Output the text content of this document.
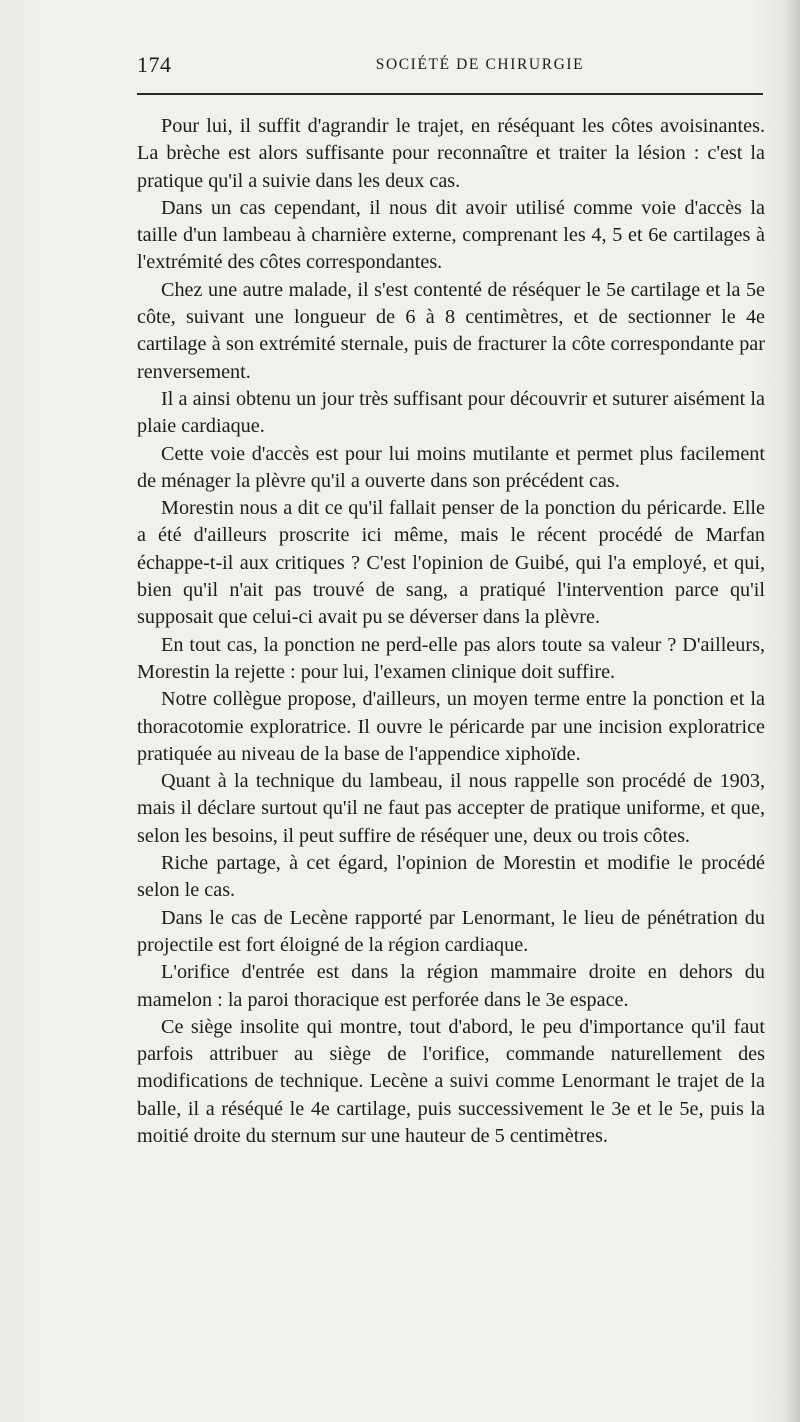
174	SOCIÉTÉ DE CHIRURGIE

Pour lui, il suffit d'agrandir le trajet, en réséquant les côtes avoisinantes. La brèche est alors suffisante pour reconnaître et traiter la lésion : c'est la pratique qu'il a suivie dans les deux cas.

Dans un cas cependant, il nous dit avoir utilisé comme voie d'accès la taille d'un lambeau à charnière externe, comprenant les 4, 5 et 6e cartilages à l'extrémité des côtes correspondantes.

Chez une autre malade, il s'est contenté de réséquer le 5e cartilage et la 5e côte, suivant une longueur de 6 à 8 centimètres, et de sectionner le 4e cartilage à son extrémité sternale, puis de fracturer la côte correspondante par renversement.

Il a ainsi obtenu un jour très suffisant pour découvrir et suturer aisément la plaie cardiaque.

Cette voie d'accès est pour lui moins mutilante et permet plus facilement de ménager la plèvre qu'il a ouverte dans son précédent cas.

Morestin nous a dit ce qu'il fallait penser de la ponction du péricarde. Elle a été d'ailleurs proscrite ici même, mais le récent procédé de Marfan échappe-t-il aux critiques ? C'est l'opinion de Guibé, qui l'a employé, et qui, bien qu'il n'ait pas trouvé de sang, a pratiqué l'intervention parce qu'il supposait que celui-ci avait pu se déverser dans la plèvre.

En tout cas, la ponction ne perd-elle pas alors toute sa valeur ? D'ailleurs, Morestin la rejette : pour lui, l'examen clinique doit suffire.

Notre collègue propose, d'ailleurs, un moyen terme entre la ponction et la thoracotomie exploratrice. Il ouvre le péricarde par une incision exploratrice pratiquée au niveau de la base de l'appendice xiphoïde.

Quant à la technique du lambeau, il nous rappelle son procédé de 1903, mais il déclare surtout qu'il ne faut pas accepter de pratique uniforme, et que, selon les besoins, il peut suffire de réséquer une, deux ou trois côtes.

Riche partage, à cet égard, l'opinion de Morestin et modifie le procédé selon le cas.

Dans le cas de Lecène rapporté par Lenormant, le lieu de pénétration du projectile est fort éloigné de la région cardiaque.

L'orifice d'entrée est dans la région mammaire droite en dehors du mamelon : la paroi thoracique est perforée dans le 3e espace.

Ce siège insolite qui montre, tout d'abord, le peu d'importance qu'il faut parfois attribuer au siège de l'orifice, commande naturellement des modifications de technique. Lecène a suivi comme Lenormant le trajet de la balle, il a réséqué le 4e cartilage, puis successivement le 3e et le 5e, puis la moitié droite du sternum sur une hauteur de 5 centimètres.
